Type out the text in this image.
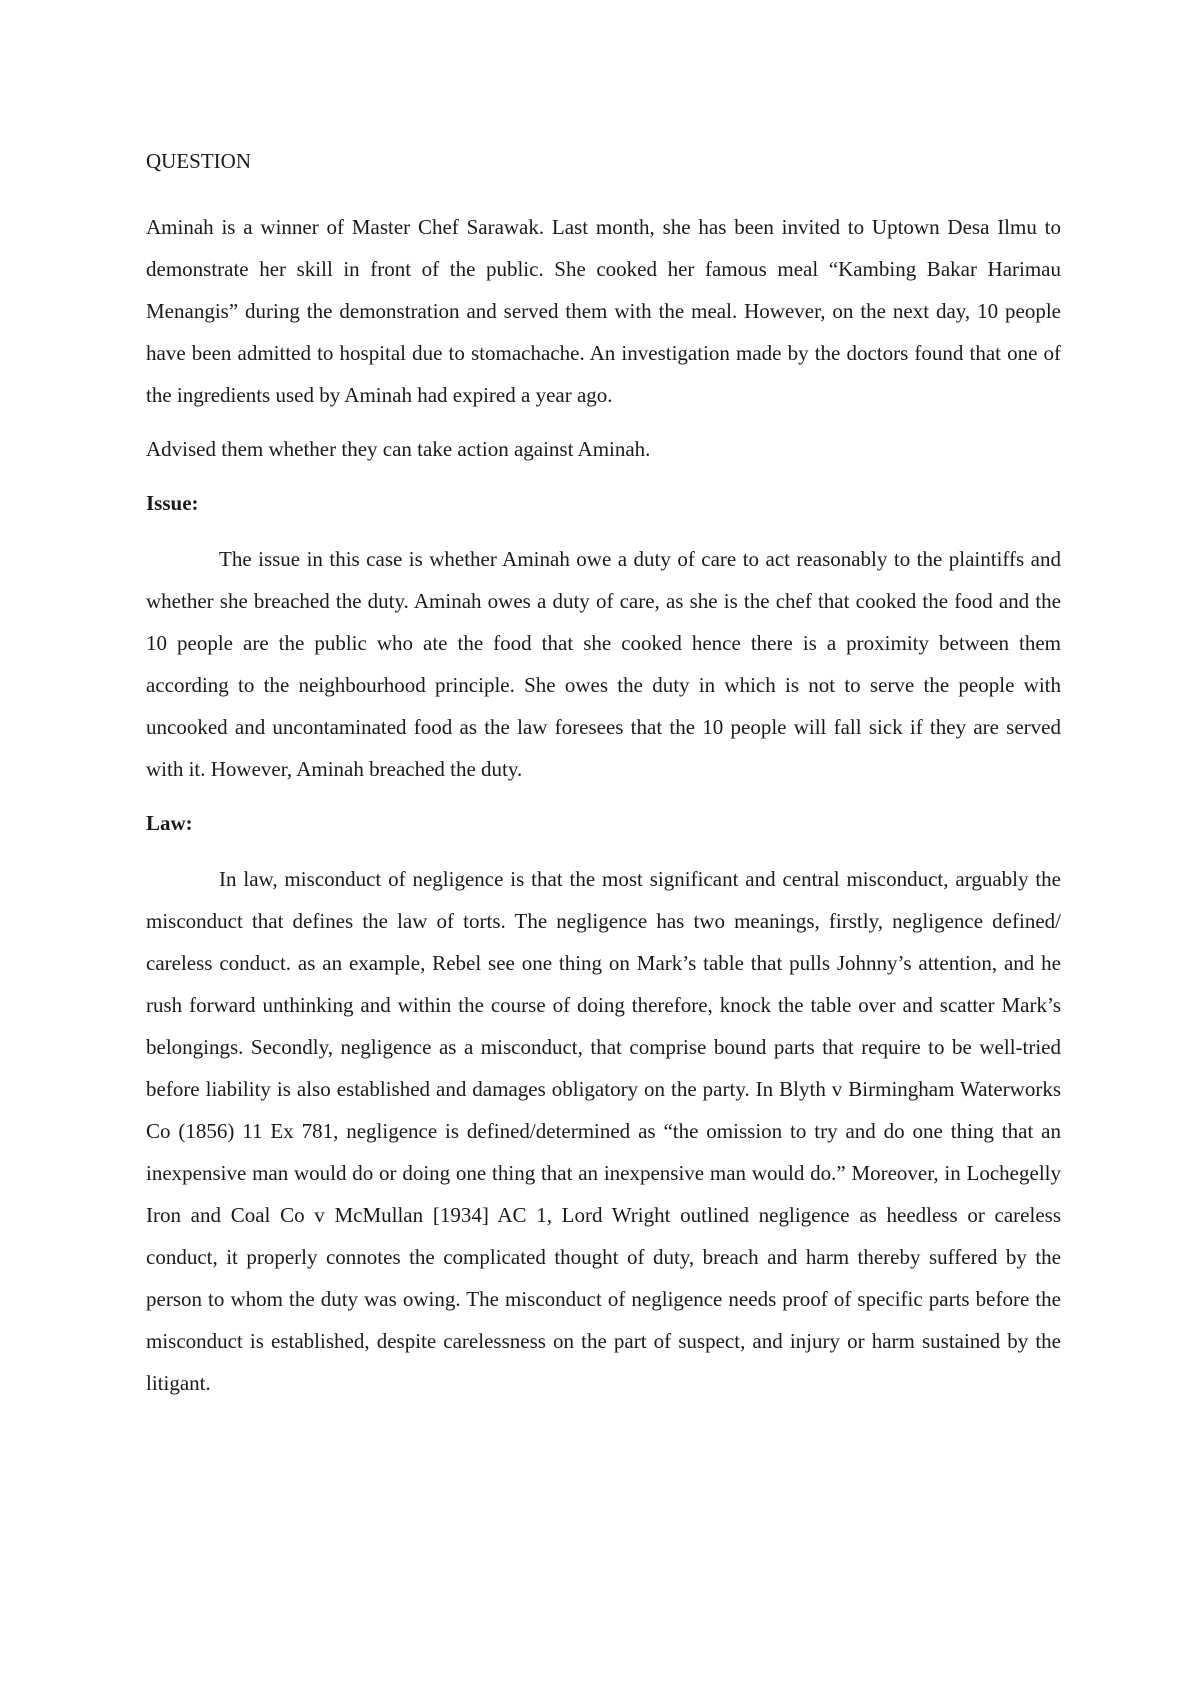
QUESTION

Aminah is a winner of Master Chef Sarawak. Last month, she has been invited to Uptown Desa Ilmu to demonstrate her skill in front of the public. She cooked her famous meal “Kambing Bakar Harimau Menangis” during the demonstration and served them with the meal. However, on the next day, 10 people have been admitted to hospital due to stomachache. An investigation made by the doctors found that one of the ingredients used by Aminah had expired a year ago.

Advised them whether they can take action against Aminah.

Issue:

The issue in this case is whether Aminah owe a duty of care to act reasonably to the plaintiffs and whether she breached the duty. Aminah owes a duty of care, as she is the chef that cooked the food and the 10 people are the public who ate the food that she cooked hence there is a proximity between them according to the neighbourhood principle. She owes the duty in which is not to serve the people with uncooked and uncontaminated food as the law foresees that the 10 people will fall sick if they are served with it. However, Aminah breached the duty.

Law:

In law, misconduct of negligence is that the most significant and central misconduct, arguably the misconduct that defines the law of torts. The negligence has two meanings, firstly, negligence defined/ careless conduct. as an example, Rebel see one thing on Mark’s table that pulls Johnny’s attention, and he rush forward unthinking and within the course of doing therefore, knock the table over and scatter Mark’s belongings. Secondly, negligence as a misconduct, that comprise bound parts that require to be well-tried before liability is also established and damages obligatory on the party. In Blyth v Birmingham Waterworks Co (1856) 11 Ex 781, negligence is defined/determined as “the omission to try and do one thing that an inexpensive man would do or doing one thing that an inexpensive man would do.” Moreover, in Lochegelly Iron and Coal Co v McMullan [1934] AC 1, Lord Wright outlined negligence as heedless or careless conduct, it properly connotes the complicated thought of duty, breach and harm thereby suffered by the person to whom the duty was owing. The misconduct of negligence needs proof of specific parts before the misconduct is established, despite carelessness on the part of suspect, and injury or harm sustained by the litigant.
